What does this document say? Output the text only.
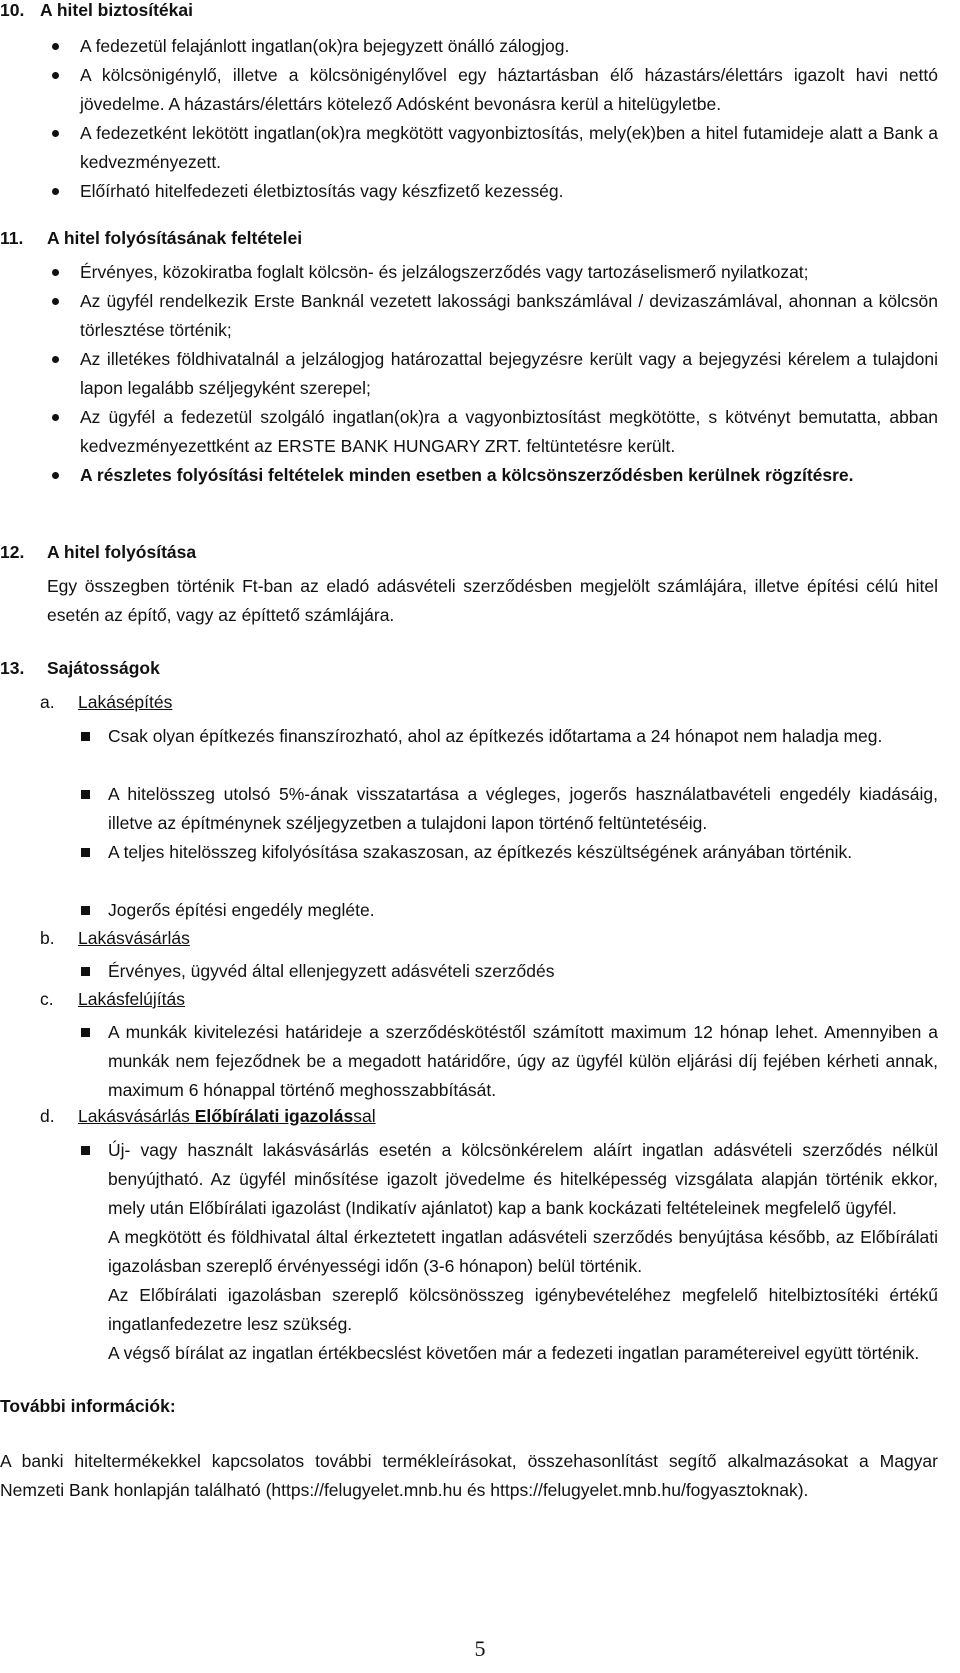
10. A hitel biztosítékai
A fedezetül felajánlott ingatlan(ok)ra bejegyzett önálló zálogjog.
A kölcsönigénylő, illetve a kölcsönigénylővel egy háztartásban élő házastárs/élettárs igazolt havi nettó jövedelme. A házastárs/élettárs kötelező Adósként bevonásra kerül a hitelügyletbe.
A fedezetként lekötött ingatlan(ok)ra megkötött vagyonbiztosítás, mely(ek)ben a hitel futamideje alatt a Bank a kedvezményezett.
Előírható hitelfedezeti életbiztosítás vagy készfizető kezesség.
11. A hitel folyósításának feltételei
Érvényes, közokiratba foglalt kölcsön- és jelzálogszerződés vagy tartozáselismerő nyilatkozat;
Az ügyfél rendelkezik Erste Banknál vezetett lakossági bankszámlával / devizaszámlával, ahonnan a kölcsön törlesztése történik;
Az illetékes földhivatalnál a jelzálogjog határozattal bejegyzésre került vagy a bejegyzési kérelem a tulajdoni lapon legalább széljegyként szerepel;
Az ügyfél a fedezetül szolgáló ingatlan(ok)ra a vagyonbiztosítást megkötötte, s kötvényt bemutatta, abban kedvezményezettként az ERSTE BANK HUNGARY ZRT. feltüntetésre került.
A részletes folyósítási feltételek minden esetben a kölcsönszerződésben kerülnek rögzítésre.
12. A hitel folyósítása
Egy összegben történik Ft-ban az eladó adásvételi szerződésben megjelölt számlájára, illetve építési célú hitel esetén az építő, vagy az építtető számlájára.
13. Sajátosságok
a. Lakásépítés
Csak olyan építkezés finanszírozható, ahol az építkezés időtartama a 24 hónapot nem haladja meg.
A hitelösszeg utolsó 5%-ának visszatartása a végleges, jogerős használatbavételi engedély kiadásáig, illetve az építménynek széljegyzetben a tulajdoni lapon történő feltüntetéséig.
A teljes hitelösszeg kifolyósítása szakaszosan, az építkezés készültségének arányában történik.
Jogerős építési engedély megléte.
b. Lakásvásárlás
Érvényes, ügyvéd által ellenjegyzett adásvételi szerződés
c. Lakásfelújítás
A munkák kivitelezési határideje a szerződéskötéstől számított maximum 12 hónap lehet. Amennyiben a munkák nem fejeződnek be a megadott határidőre, úgy az ügyfél külön eljárási díj fejében kérheti annak, maximum 6 hónappal történő meghosszabbítását.
d. Lakásvásárlás Előbírálati igazolással
Új- vagy használt lakásvásárlás esetén a kölcsönkérelem aláírt ingatlan adásvételi szerződés nélkül benyújtható. Az ügyfél minősítése igazolt jövedelme és hitelképesség vizsgálata alapján történik ekkor, mely után Előbírálati igazolást (Indikatív ajánlatot) kap a bank kockázati feltételeinek megfelelő ügyfél.
A megkötött és földhivatal által érkeztetett ingatlan adásvételi szerződés benyújtása később, az Előbírálati igazolásban szereplő érvényességi időn (3-6 hónapon) belül történik.
Az Előbírálati igazolásban szereplő kölcsönösszeg igénybevételéhez megfelelő hitelbiztosítéki értékű ingatlanfedezetre lesz szükség.
A végső bírálat az ingatlan értékbecslést követően már a fedezeti ingatlan paramétereivel együtt történik.
További információk:
A banki hiteltermékekkel kapcsolatos további termékleírásokat, összehasonlítást segítő alkalmazásokat a Magyar Nemzeti Bank honlapján található (https://felugyelet.mnb.hu és https://felugyelet.mnb.hu/fogyasztoknak).
5
